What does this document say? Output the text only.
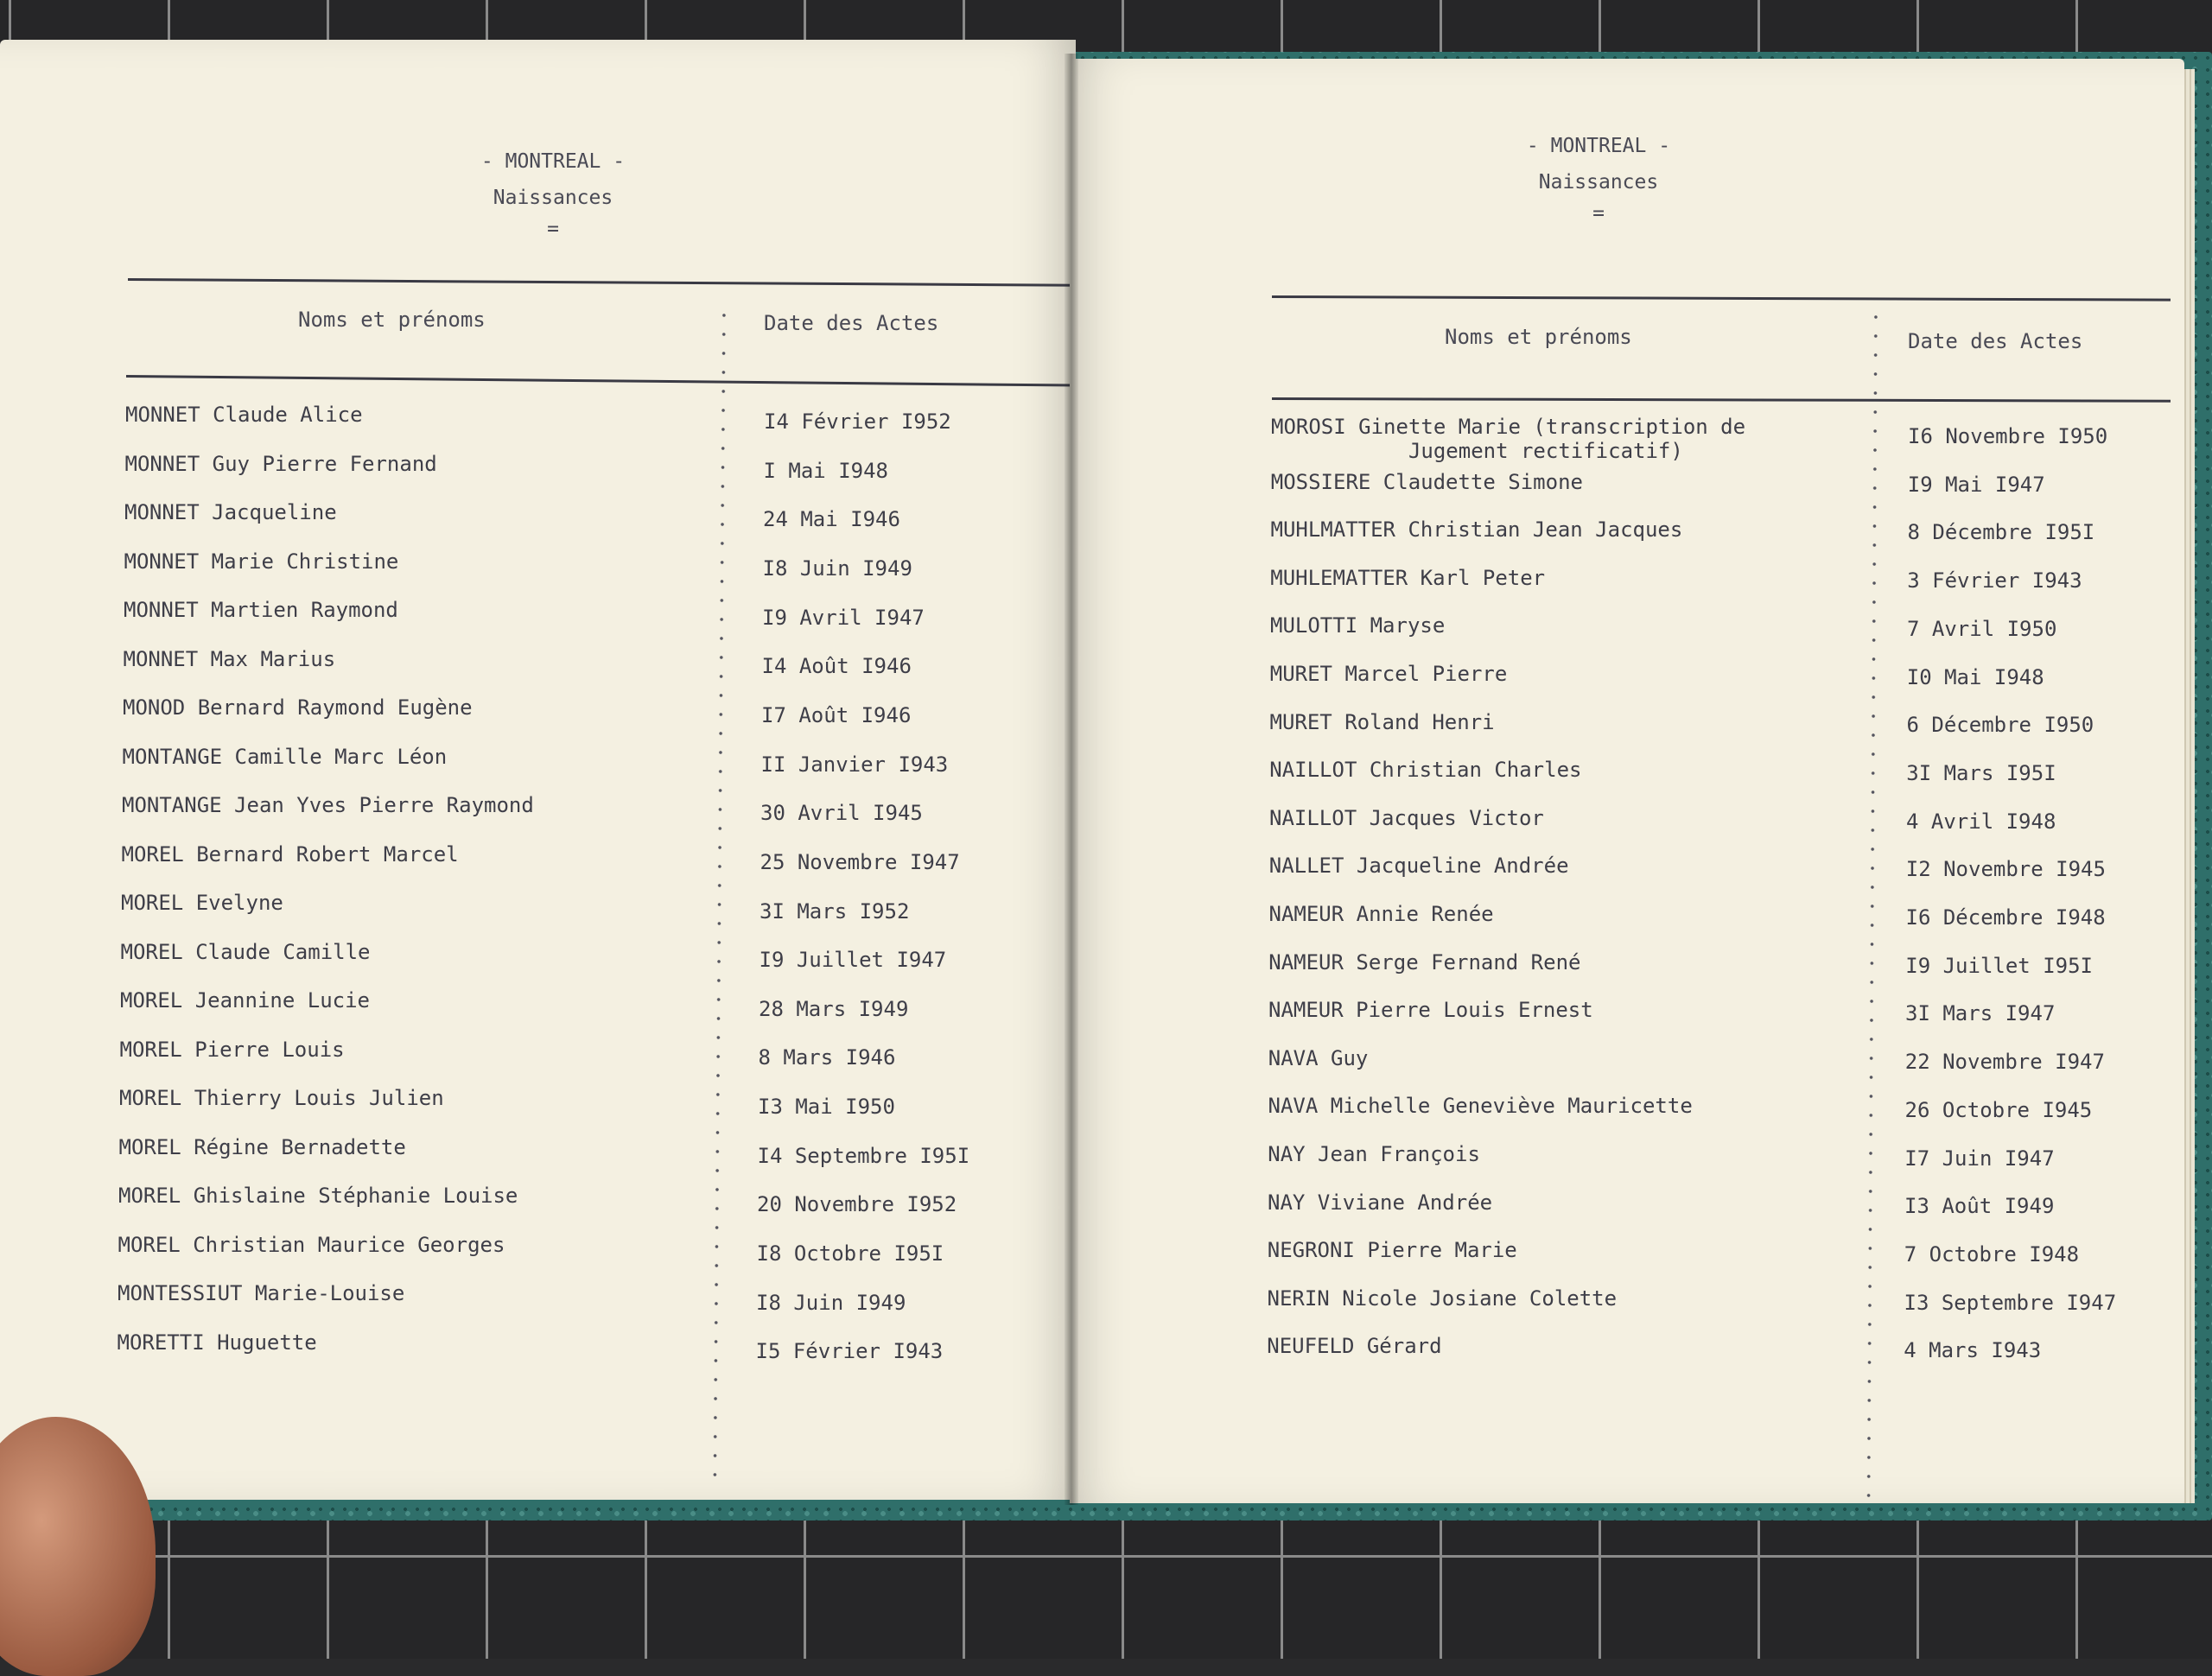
- MONTREAL -
Naissances
=
Noms et prénoms	Date des Actes
MONNET Claude Alice	I4 Février I952
MONNET Guy Pierre Fernand	I Mai I948
MONNET Jacqueline	24 Mai I946
MONNET Marie Christine	I8 Juin I949
MONNET Martien Raymond	I9 Avril I947
MONNET Max Marius	I4 Août I946
MONOD Bernard Raymond Eugène	I7 Août I946
MONTANGE Camille Marc Léon	II Janvier I943
MONTANGE Jean Yves Pierre Raymond	30 Avril I945
MOREL Bernard Robert Marcel	25 Novembre I947
MOREL Evelyne	3I Mars I952
MOREL Claude Camille	I9 Juillet I947
MOREL Jeannine Lucie	28 Mars I949
MOREL Pierre Louis	8 Mars I946
MOREL Thierry Louis Julien	I3 Mai I950
MOREL Régine Bernadette	I4 Septembre I95I
MOREL Ghislaine Stéphanie Louise	20 Novembre I952
MOREL Christian Maurice Georges	I8 Octobre I95I
MONTESSIUT Marie-Louise	I8 Juin I949
MORETTI Huguette	I5 Février I943
- MONTREAL -
Naissances
=
Noms et prénoms	Date des Actes
MOROSI Ginette Marie (transcription de
Jugement rectificatif)
I6 Novembre I950
MOSSIERE Claudette Simone	I9 Mai I947
MUHLMATTER Christian Jean Jacques	8 Décembre I95I
MUHLEMATTER Karl Peter	3 Février I943
MULOTTI Maryse	7 Avril I950
MURET Marcel Pierre	I0 Mai I948
MURET Roland Henri	6 Décembre I950
NAILLOT Christian Charles	3I Mars I95I
NAILLOT Jacques Victor	4 Avril I948
NALLET Jacqueline Andrée	I2 Novembre I945
NAMEUR Annie Renée	I6 Décembre I948
NAMEUR Serge Fernand René	I9 Juillet I95I
NAMEUR Pierre Louis Ernest	3I Mars I947
NAVA Guy	22 Novembre I947
NAVA Michelle Geneviève Mauricette	26 Octobre I945
NAY Jean François	I7 Juin I947
NAY Viviane Andrée	I3 Août I949
NEGRONI Pierre Marie	7 Octobre I948
NERIN Nicole Josiane Colette	I3 Septembre I947
NEUFELD Gérard	4 Mars I943
